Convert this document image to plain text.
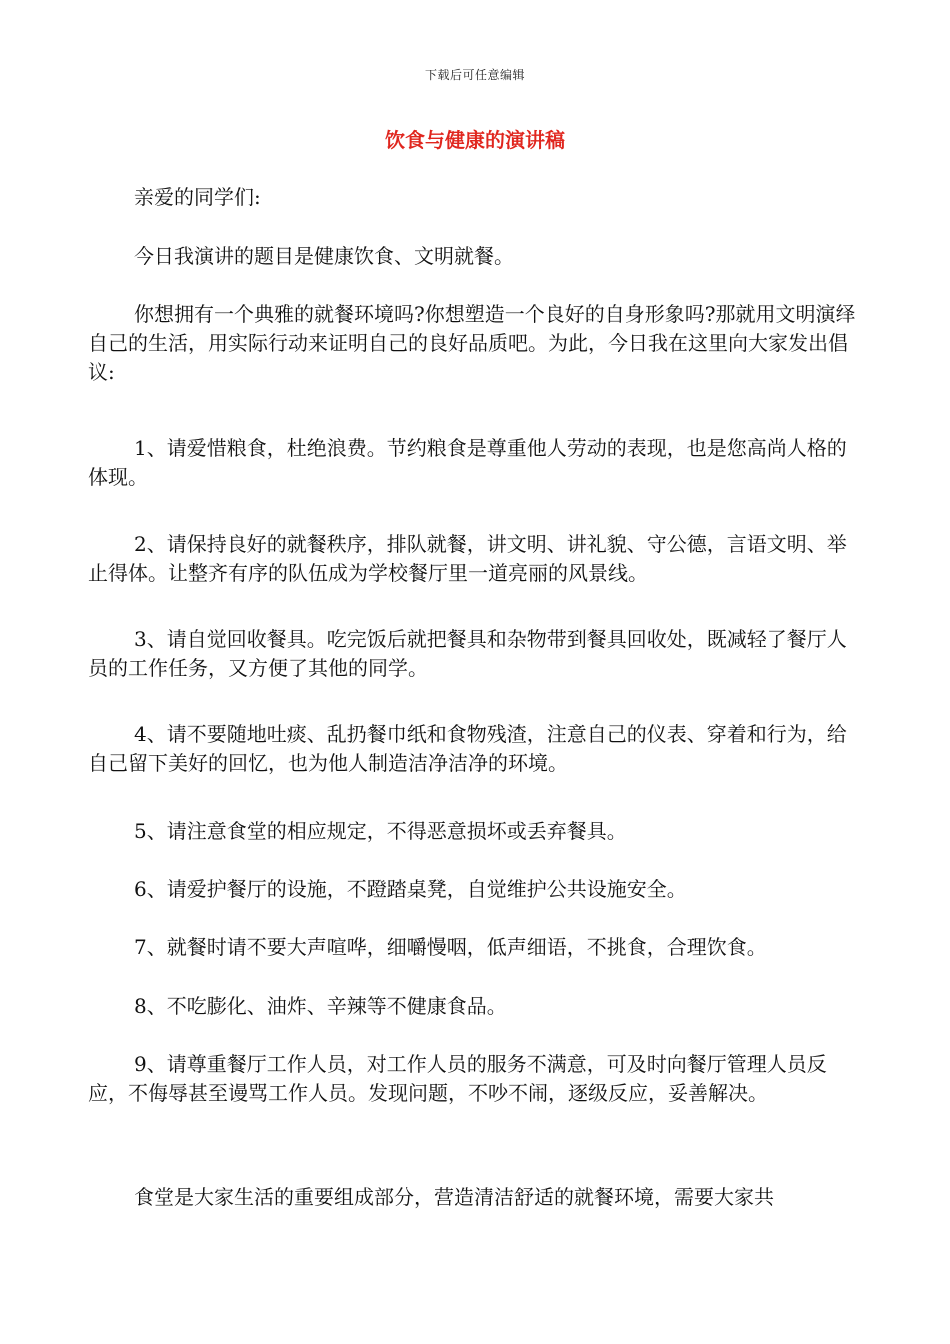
下载后可任意编辑
饮食与健康的演讲稿

亲爱的同学们:

今日我演讲的题目是健康饮食、文明就餐。

你想拥有一个典雅的就餐环境吗?你想塑造一个良好的自身形象吗?那就用文明演绎自己的生活，用实际行动来证明自己的良好品质吧。为此，今日我在这里向大家发出倡议:

1、请爱惜粮食，杜绝浪费。节约粮食是尊重他人劳动的表现，也是您高尚人格的体现。

2、请保持良好的就餐秩序，排队就餐，讲文明、讲礼貌、守公德，言语文明、举止得体。让整齐有序的队伍成为学校餐厅里一道亮丽的风景线。

3、请自觉回收餐具。吃完饭后就把餐具和杂物带到餐具回收处，既减轻了餐厅人员的工作任务，又方便了其他的同学。

4、请不要随地吐痰、乱扔餐巾纸和食物残渣，注意自己的仪表、穿着和行为，给自己留下美好的回忆，也为他人制造洁净洁净的环境。

5、请注意食堂的相应规定，不得恶意损坏或丢弃餐具。

6、请爱护餐厅的设施，不蹬踏桌凳，自觉维护公共设施安全。

7、就餐时请不要大声喧哗，细嚼慢咽，低声细语，不挑食，合理饮食。

8、不吃膨化、油炸、辛辣等不健康食品。

9、请尊重餐厅工作人员，对工作人员的服务不满意，可及时向餐厅管理人员反应，不侮辱甚至谩骂工作人员。发现问题，不吵不闹，逐级反应，妥善解决。

食堂是大家生活的重要组成部分，营造清洁舒适的就餐环境，需要大家共
